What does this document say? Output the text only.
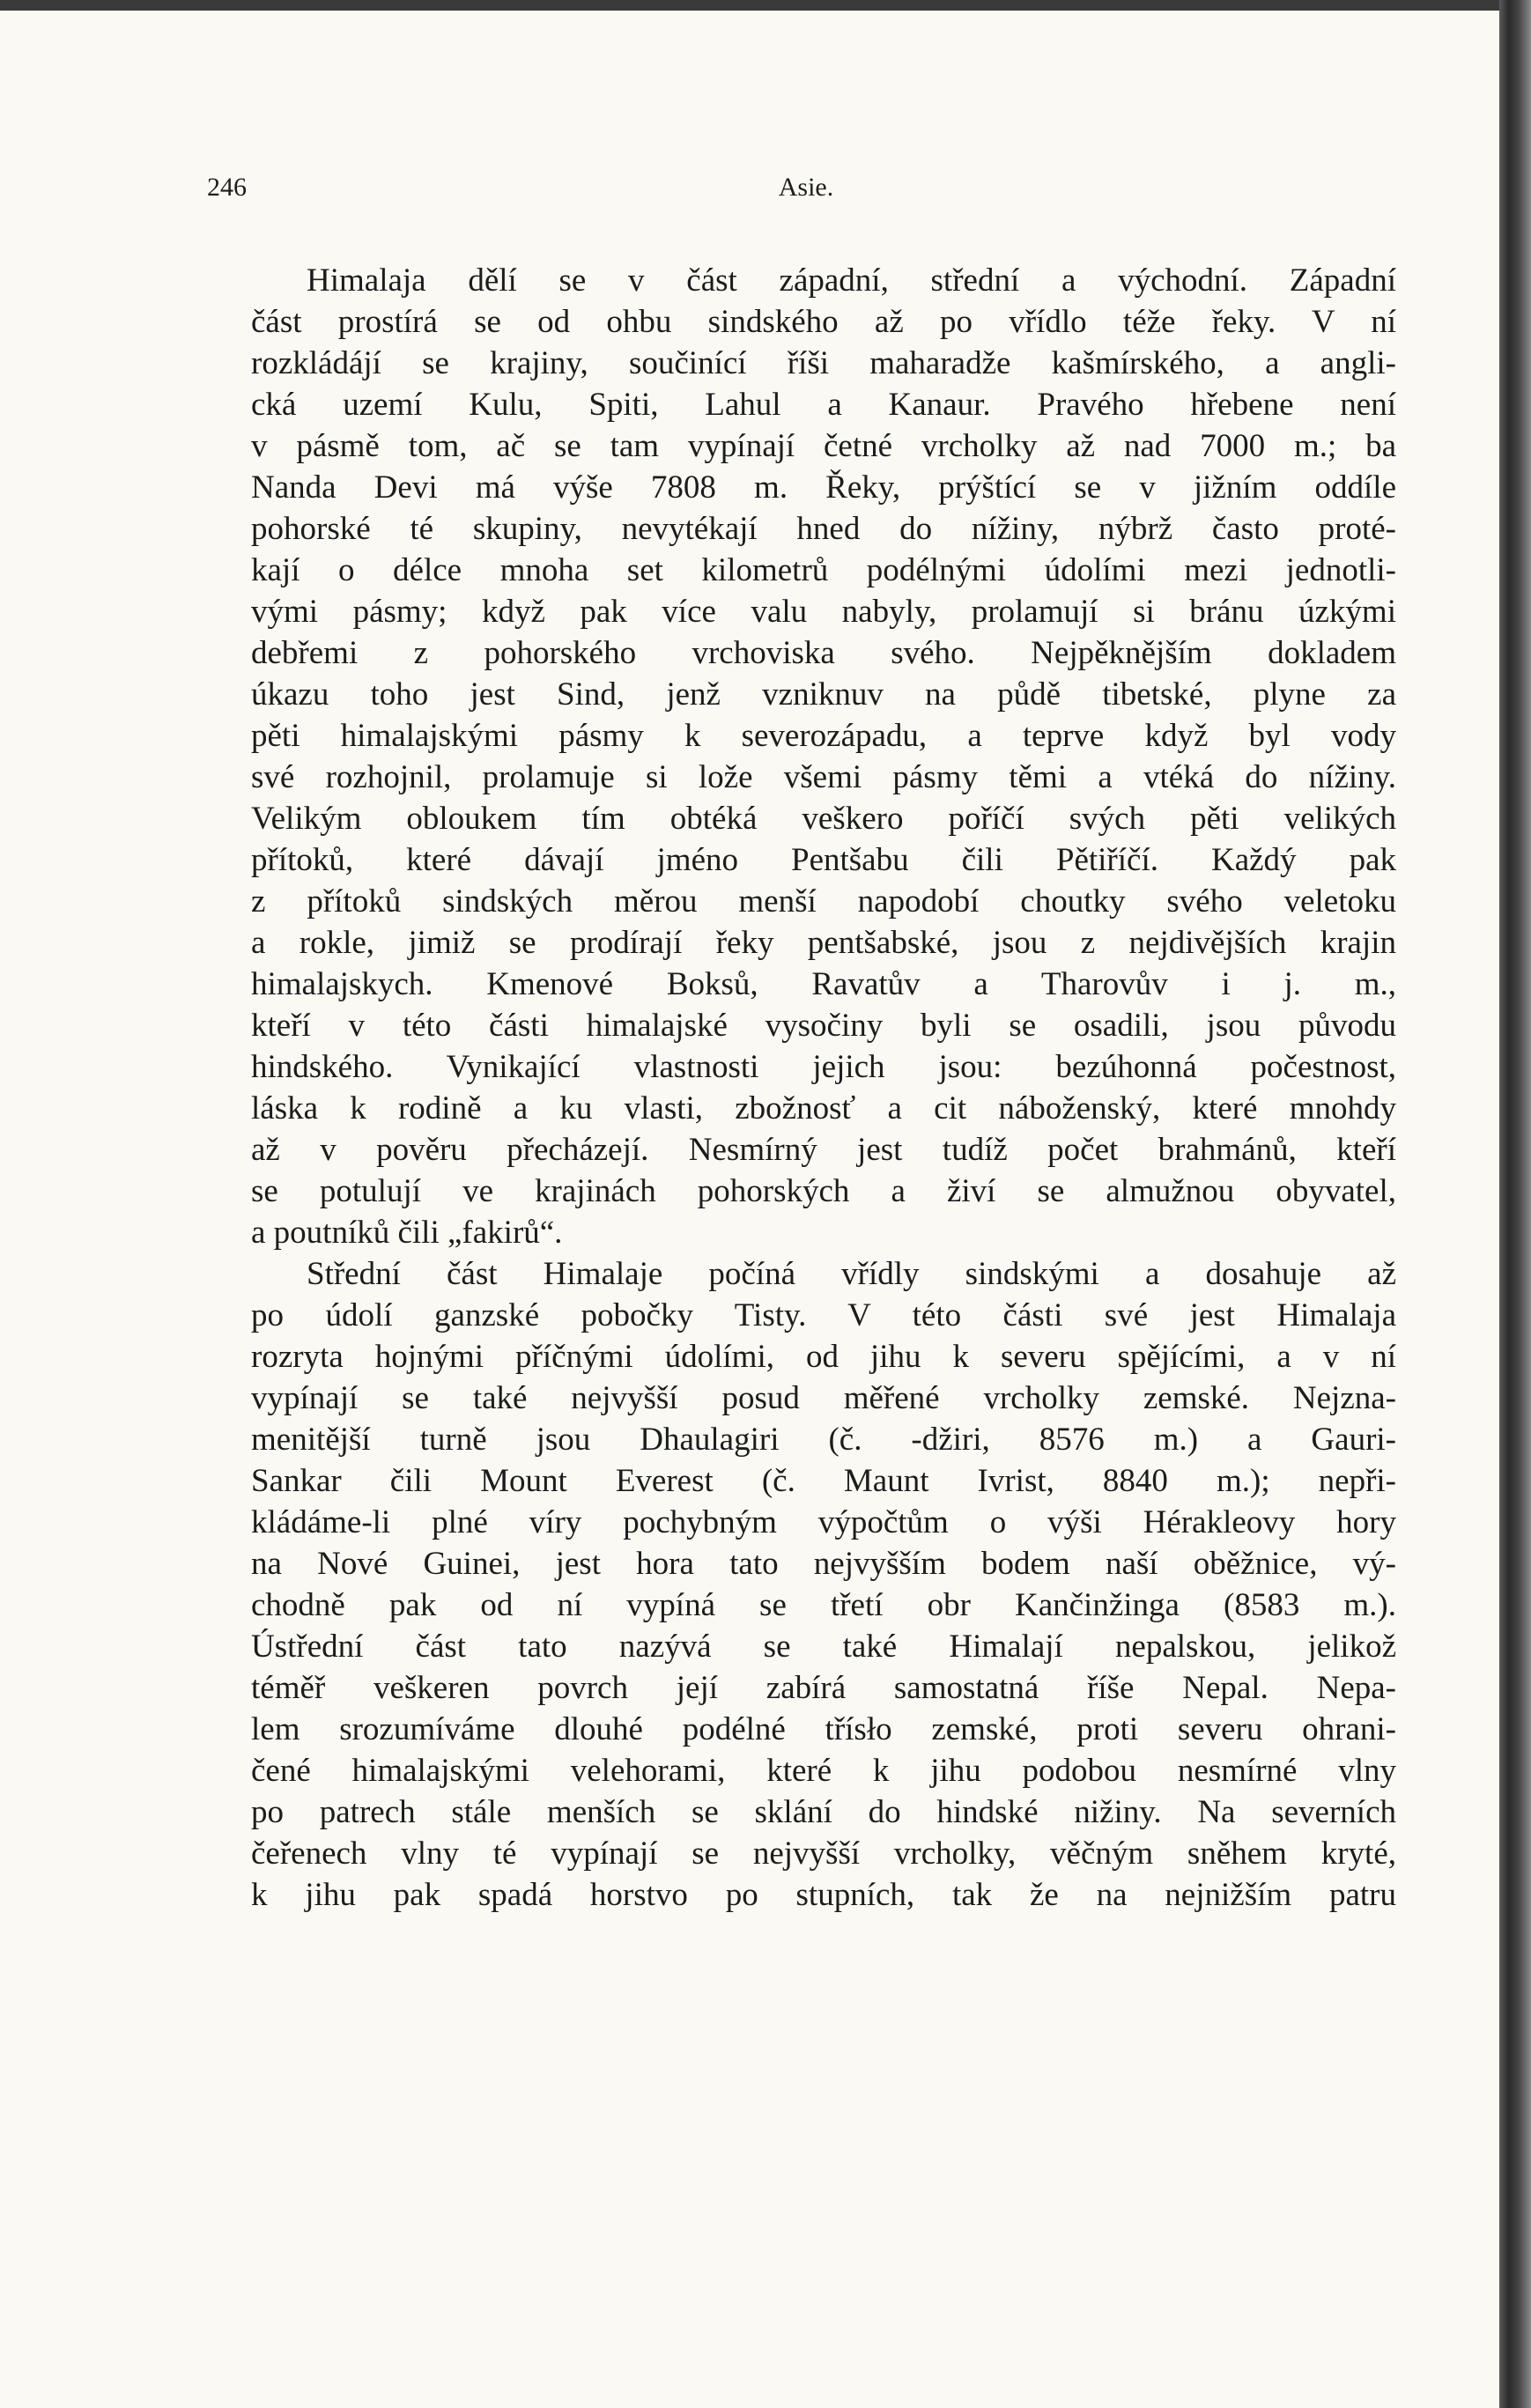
246	Asie.
Himalaja dělí se v část západní, střední a východní. Západní
část prostírá se od ohbu sindského až po vřídlo téže řeky. V ní
rozkládájí se krajiny, součinící říši maharadže kašmírského, a angli-
cká uzemí Kulu, Spiti, Lahul a Kanaur. Pravého hřebene není
v pásmě tom, ač se tam vypínají četné vrcholky až nad 7000 m.; ba
Nanda Devi má výše 7808 m. Řeky, prýštící se v jižním oddíle
pohorské té skupiny, nevytékají hned do nížiny, nýbrž často proté-
kají o délce mnoha set kilometrů podélnými údolími mezi jednotli-
vými pásmy; když pak více valu nabyly, prolamují si bránu úzkými
debřemi z pohorského vrchoviska svého. Nejpěknějším dokladem
úkazu toho jest Sind, jenž vzniknuv na půdě tibetské, plyne za
pěti himalajskými pásmy k severozápadu, a teprve když byl vody
své rozhojnil, prolamuje si lože všemi pásmy těmi a vtéká do nížiny.
Velikým obloukem tím obtéká veškero poříčí svých pěti velikých
přítoků, které dávají jméno Pentšabu čili Pětiříčí. Každý pak
z přítoků sindských měrou menší napodobí choutky svého veletoku
a rokle, jimiž se prodírají řeky pentšabské, jsou z nejdivějších krajin
himalajskych. Kmenové Boksů, Ravatův a Tharovův i j. m.,
kteří v této části himalajské vysočiny byli se osadili, jsou původu
hindského. Vynikající vlastnosti jejich jsou: bezúhonná počestnost,
láska k rodině a ku vlasti, zbožnosť a cit náboženský, které mnohdy
až v pověru přecházejí. Nesmírný jest tudíž počet brahmánů, kteří
se potulují ve krajinách pohorských a živí se almužnou obyvatel,
a poutníků čili „fakirů“.
Střední část Himalaje počíná vřídly sindskými a dosahuje až
po údolí ganzské pobočky Tisty. V této části své jest Himalaja
rozryta hojnými příčnými údolími, od jihu k severu spějícími, a v ní
vypínají se také nejvyšší posud měřené vrcholky zemské. Nejzna-
menitější turně jsou Dhaulagiri (č. -džiri, 8576 m.) a Gauri-
Sankar čili Mount Everest (č. Maunt Ivrist, 8840 m.); nepři-
kládáme-li plné víry pochybným výpočtům o výši Hérakleovy hory
na Nové Guinei, jest hora tato nejvyšším bodem naší oběžnice, vý-
chodně pak od ní vypíná se třetí obr Kančinžinga (8583 m.).
Ústřední část tato nazývá se také Himalají nepalskou, jelikož
téměř veškeren povrch její zabírá samostatná říše Nepal. Nepa-
lem srozumíváme dlouhé podélné třísło zemské, proti severu ohrani-
čené himalajskými velehorami, které k jihu podobou nesmírné vlny
po patrech stále menších se sklání do hindské nižiny. Na severních
čeřenech vlny té vypínají se nejvyšší vrcholky, věčným sněhem kryté,
k jihu pak spadá horstvo po stupních, tak že na nejnižším patru
